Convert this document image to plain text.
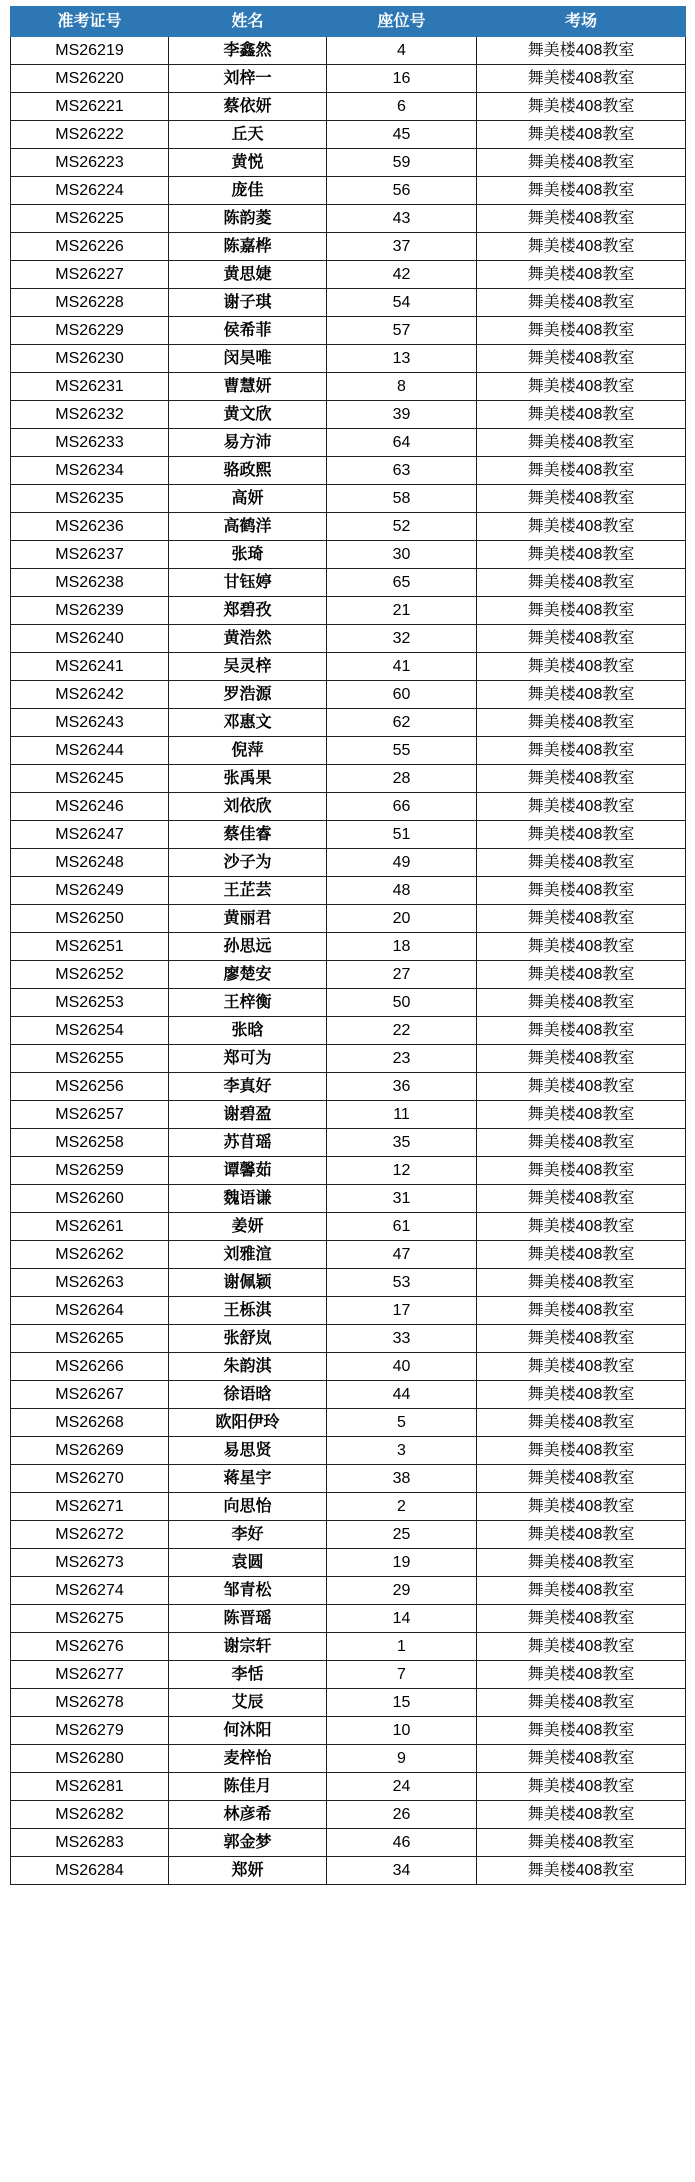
准考证号	姓名	座位号	考场
MS26219	李鑫然	4	舞美楼408教室
MS26220	刘梓一	16	舞美楼408教室
MS26221	蔡依妍	6	舞美楼408教室
MS26222	丘天	45	舞美楼408教室
MS26223	黄悦	59	舞美楼408教室
MS26224	庞佳	56	舞美楼408教室
MS26225	陈韵菱	43	舞美楼408教室
MS26226	陈嘉桦	37	舞美楼408教室
MS26227	黄思婕	42	舞美楼408教室
MS26228	谢子琪	54	舞美楼408教室
MS26229	侯希菲	57	舞美楼408教室
MS26230	闵昊唯	13	舞美楼408教室
MS26231	曹慧妍	8	舞美楼408教室
MS26232	黄文欣	39	舞美楼408教室
MS26233	易方沛	64	舞美楼408教室
MS26234	骆政熙	63	舞美楼408教室
MS26235	高妍	58	舞美楼408教室
MS26236	高鹤洋	52	舞美楼408教室
MS26237	张琦	30	舞美楼408教室
MS26238	甘钰婷	65	舞美楼408教室
MS26239	郑碧孜	21	舞美楼408教室
MS26240	黄浩然	32	舞美楼408教室
MS26241	吴灵梓	41	舞美楼408教室
MS26242	罗浩源	60	舞美楼408教室
MS26243	邓惠文	62	舞美楼408教室
MS26244	倪萍	55	舞美楼408教室
MS26245	张禹果	28	舞美楼408教室
MS26246	刘依欣	66	舞美楼408教室
MS26247	蔡佳睿	51	舞美楼408教室
MS26248	沙子为	49	舞美楼408教室
MS26249	王芷芸	48	舞美楼408教室
MS26250	黄丽君	20	舞美楼408教室
MS26251	孙思远	18	舞美楼408教室
MS26252	廖楚安	27	舞美楼408教室
MS26253	王梓衡	50	舞美楼408教室
MS26254	张晗	22	舞美楼408教室
MS26255	郑可为	23	舞美楼408教室
MS26256	李真好	36	舞美楼408教室
MS26257	谢碧盈	11	舞美楼408教室
MS26258	苏苜瑶	35	舞美楼408教室
MS26259	谭馨茹	12	舞美楼408教室
MS26260	魏语谦	31	舞美楼408教室
MS26261	姜妍	61	舞美楼408教室
MS26262	刘雅渲	47	舞美楼408教室
MS26263	谢佩颖	53	舞美楼408教室
MS26264	王栎淇	17	舞美楼408教室
MS26265	张舒岚	33	舞美楼408教室
MS26266	朱韵淇	40	舞美楼408教室
MS26267	徐语晗	44	舞美楼408教室
MS26268	欧阳伊玲	5	舞美楼408教室
MS26269	易思贤	3	舞美楼408教室
MS26270	蒋星宇	38	舞美楼408教室
MS26271	向思怡	2	舞美楼408教室
MS26272	李好	25	舞美楼408教室
MS26273	袁圆	19	舞美楼408教室
MS26274	邹青松	29	舞美楼408教室
MS26275	陈晋瑶	14	舞美楼408教室
MS26276	谢宗轩	1	舞美楼408教室
MS26277	李恬	7	舞美楼408教室
MS26278	艾辰	15	舞美楼408教室
MS26279	何沐阳	10	舞美楼408教室
MS26280	麦梓怡	9	舞美楼408教室
MS26281	陈佳月	24	舞美楼408教室
MS26282	林彦希	26	舞美楼408教室
MS26283	郭金梦	46	舞美楼408教室
MS26284	郑妍	34	舞美楼408教室
